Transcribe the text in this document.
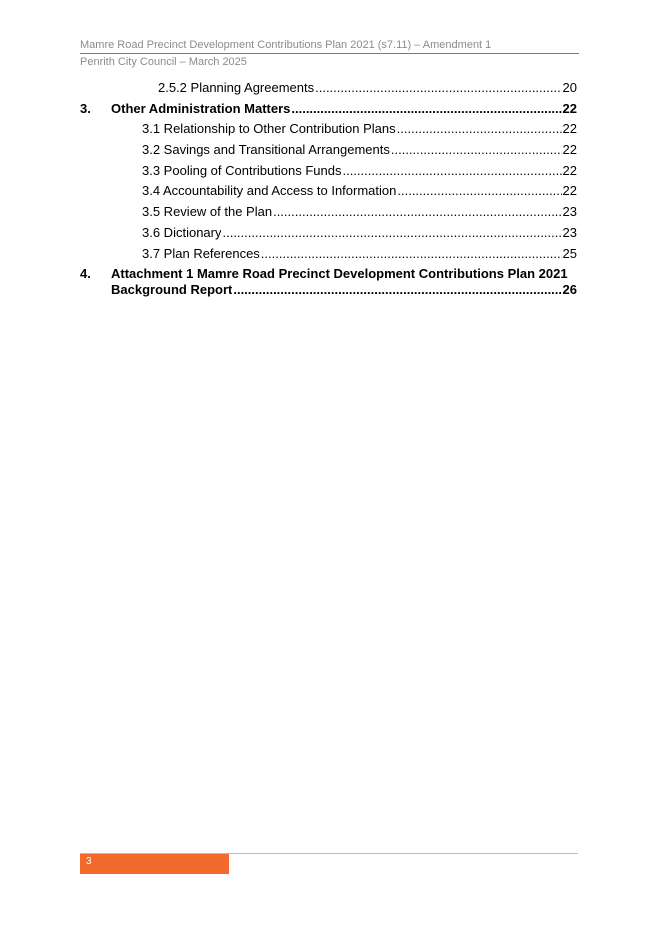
Mamre Road Precinct Development Contributions Plan 2021 (s7.11) – Amendment 1
Penrith City Council – March 2025
2.5.2 Planning Agreements .....	20
3. Other Administration Matters .....	22
3.1 Relationship to Other Contribution Plans .....	22
3.2 Savings and Transitional Arrangements .....	22
3.3 Pooling of Contributions Funds .....	22
3.4 Accountability and Access to Information .....	22
3.5 Review of the Plan .....	23
3.6 Dictionary .....	23
3.7 Plan References .....	25
4. Attachment 1 Mamre Road Precinct Development Contributions Plan 2021
Background Report .....	26
3
